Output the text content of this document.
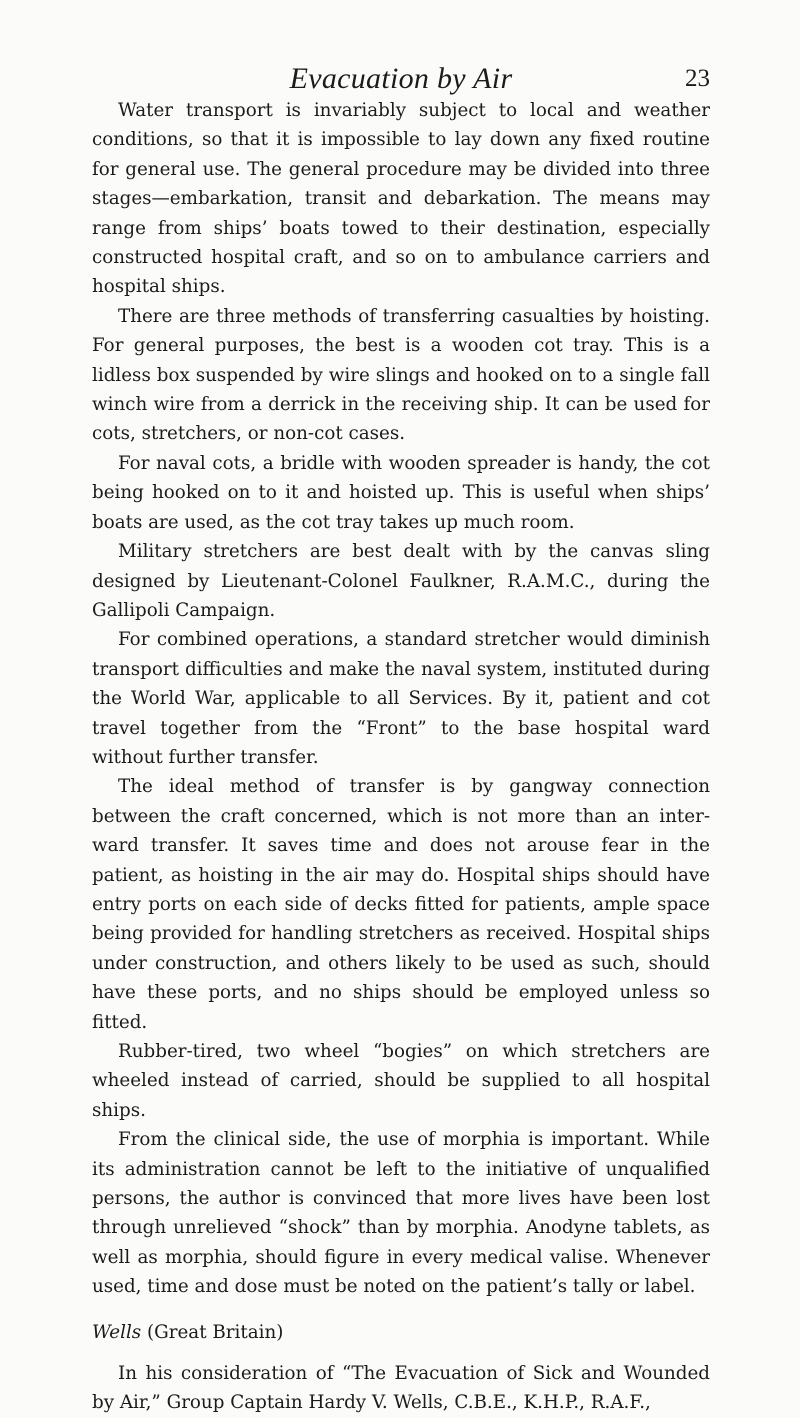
Evacuation by Air	23

Water transport is invariably subject to local and weather conditions, so that it is impossible to lay down any fixed routine for general use. The general procedure may be divided into three stages—embarkation, transit and debarkation. The means may range from ships’ boats towed to their destination, especially constructed hospital craft, and so on to ambulance carriers and hospital ships.

There are three methods of transferring casualties by hoisting. For general purposes, the best is a wooden cot tray. This is a lidless box suspended by wire slings and hooked on to a single fall winch wire from a derrick in the receiving ship. It can be used for cots, stretchers, or non-cot cases.

For naval cots, a bridle with wooden spreader is handy, the cot being hooked on to it and hoisted up. This is useful when ships’ boats are used, as the cot tray takes up much room.

Military stretchers are best dealt with by the canvas sling designed by Lieutenant-Colonel Faulkner, R.A.M.C., during the Gallipoli Campaign.

For combined operations, a standard stretcher would diminish transport difficulties and make the naval system, instituted during the World War, applicable to all Services. By it, patient and cot travel together from the “Front” to the base hospital ward without further transfer.

The ideal method of transfer is by gangway connection between the craft concerned, which is not more than an inter-ward transfer. It saves time and does not arouse fear in the patient, as hoisting in the air may do. Hospital ships should have entry ports on each side of decks fitted for patients, ample space being provided for handling stretchers as received. Hospital ships under construction, and others likely to be used as such, should have these ports, and no ships should be employed unless so fitted.

Rubber-tired, two wheel “bogies” on which stretchers are wheeled instead of carried, should be supplied to all hospital ships.

From the clinical side, the use of morphia is important. While its administration cannot be left to the initiative of unqualified persons, the author is convinced that more lives have been lost through unrelieved “shock” than by morphia. Anodyne tablets, as well as morphia, should figure in every medical valise. Whenever used, time and dose must be noted on the patient’s tally or label.

Wells (Great Britain)

In his consideration of “The Evacuation of Sick and Wounded by Air,” Group Captain Hardy V. Wells, C.B.E., K.H.P., R.A.F.,
